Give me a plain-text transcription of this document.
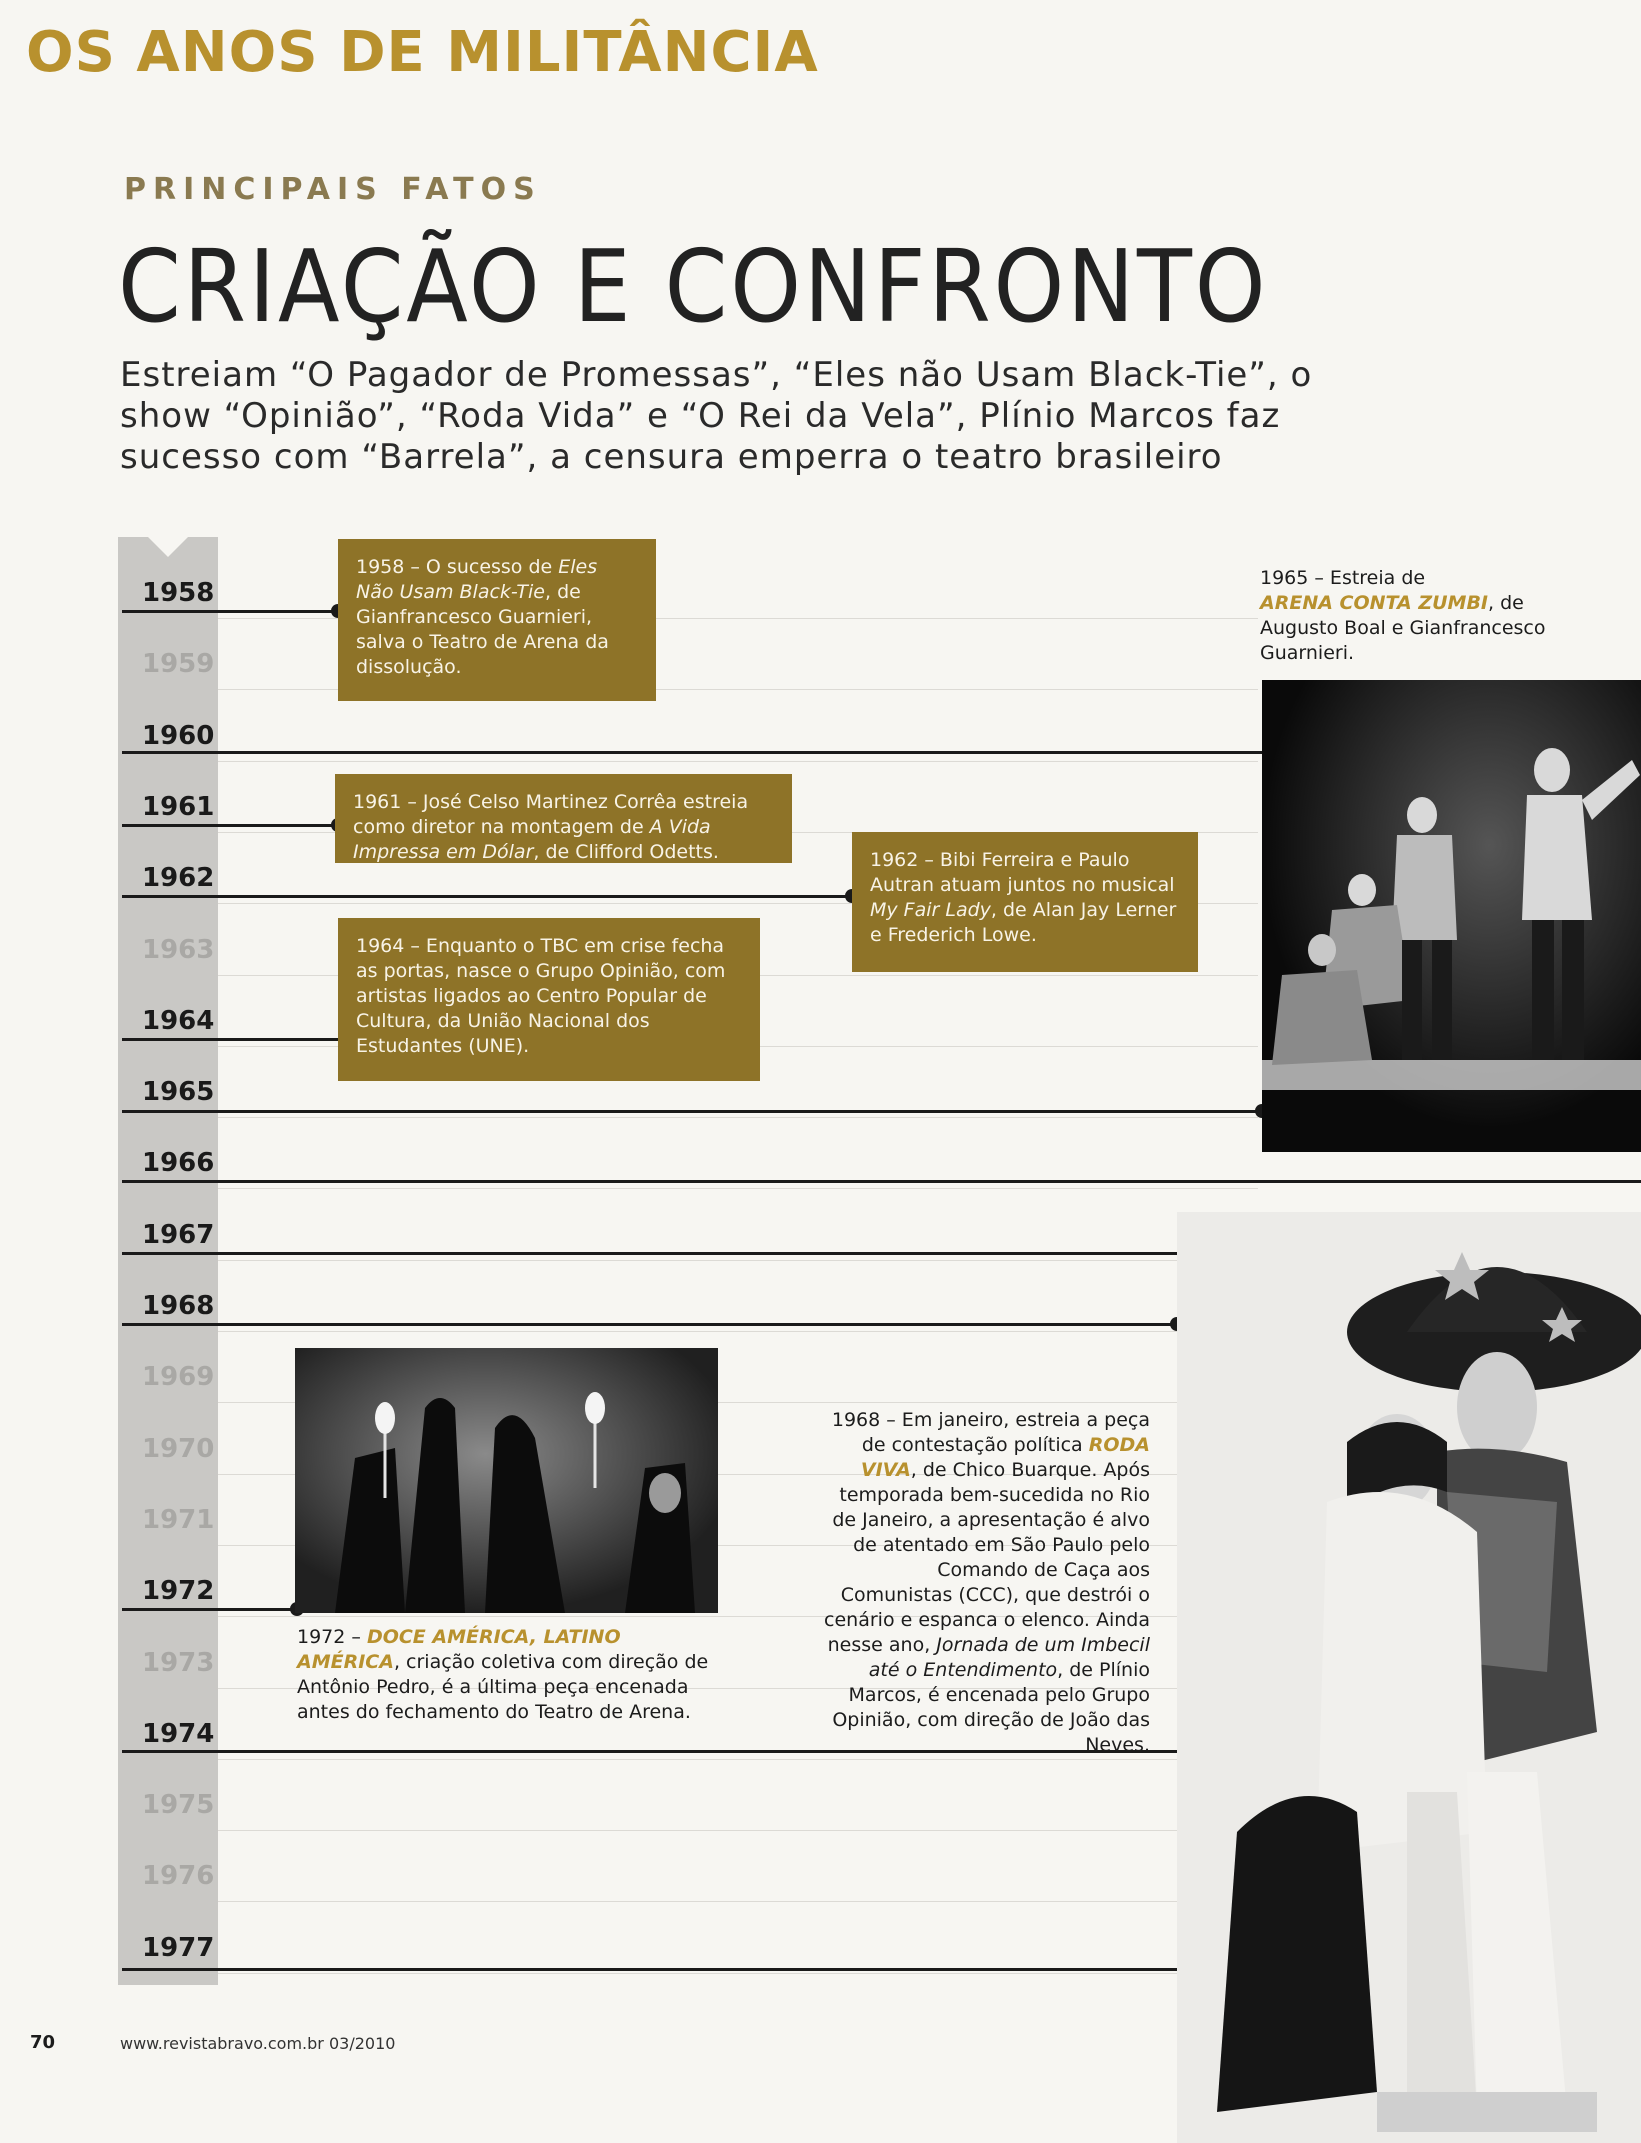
OS ANOS DE MILITÂNCIA
PRINCIPAIS FATOS
CRIAÇÃO E CONFRONTO
Estreiam “O Pagador de Promessas”, “Eles não Usam Black-Tie”, o show “Opinião”, “Roda Vida” e “O Rei da Vela”, Plínio Marcos faz sucesso com “Barrela”, a censura emperra o teatro brasileiro
1958
1959
1960
1961
1962
1963
1964
1965
1966
1967
1968
1969
1970
1971
1972
1973
1974
1975
1976
1977
1958 – O sucesso de Eles Não Usam Black-Tie, de Gianfrancesco Guarnieri, salva o Teatro de Arena da dissolução.
1961 – José Celso Martinez Corrêa estreia como diretor na montagem de A Vida Impressa em Dólar, de Clifford Odetts.	1962 – Bibi Ferreira e Paulo Autran atuam juntos no musical My Fair Lady, de Alan Jay Lerner e Frederich Lowe.
1964 – Enquanto o TBC em crise fecha as portas, nasce o Grupo Opinião, com artistas ligados ao Centro Popular de Cultura, da União Nacional dos Estudantes (UNE).
1965 – Estreia de
ARENA CONTA ZUMBI, de Augusto Boal e Gianfrancesco Guarnieri.
1972 – DOCE AMÉRICA, LATINO AMÉRICA, criação coletiva com direção de Antônio Pedro, é a última peça encenada antes do fechamento do Teatro de Arena.
1968 – Em janeiro, estreia a peça de contestação política RODA VIVA, de Chico Buarque. Após temporada bem-sucedida no Rio de Janeiro, a apresentação é alvo de atentado em São Paulo pelo Comando de Caça aos Comunistas (CCC), que destrói o cenário e espanca o elenco. Ainda nesse ano, Jornada de um Imbecil até o Entendimento, de Plínio Marcos, é encenada pelo Grupo Opinião, com direção de João das Neves.
70	www.revistabravo.com.br 03/2010
